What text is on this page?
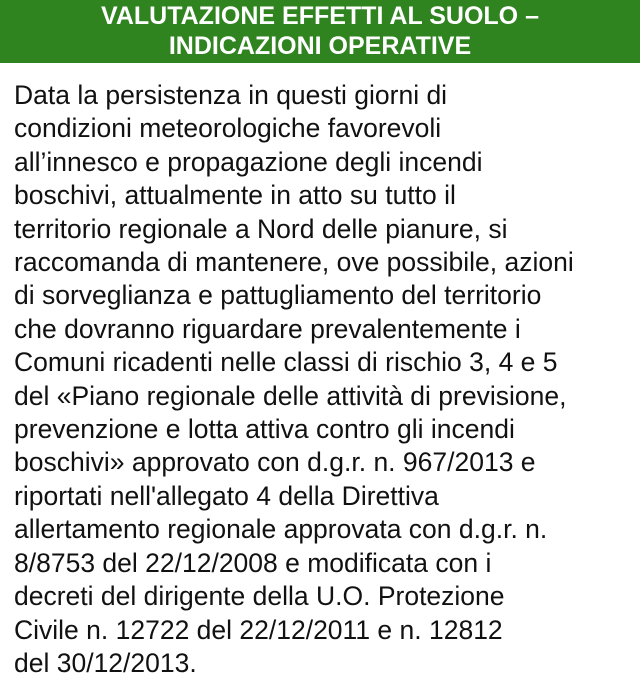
VALUTAZIONE EFFETTI AL SUOLO –
INDICAZIONI OPERATIVE
Data la persistenza in questi giorni di
condizioni meteorologiche favorevoli
all’innesco e propagazione degli incendi
boschivi, attualmente in atto su tutto il
territorio regionale a Nord delle pianure, si
raccomanda di mantenere, ove possibile, azioni
di sorveglianza e pattugliamento del territorio
che dovranno riguardare prevalentemente i
Comuni ricadenti nelle classi di rischio 3, 4 e 5
del «Piano regionale delle attività di previsione,
prevenzione e lotta attiva contro gli incendi
boschivi» approvato con d.g.r. n. 967/2013 e
riportati nell'allegato 4 della Direttiva
allertamento regionale approvata con d.g.r. n.
8/8753 del 22/12/2008 e modificata con i
decreti del dirigente della U.O. Protezione
Civile n. 12722 del 22/12/2011 e n. 12812
del 30/12/2013.
